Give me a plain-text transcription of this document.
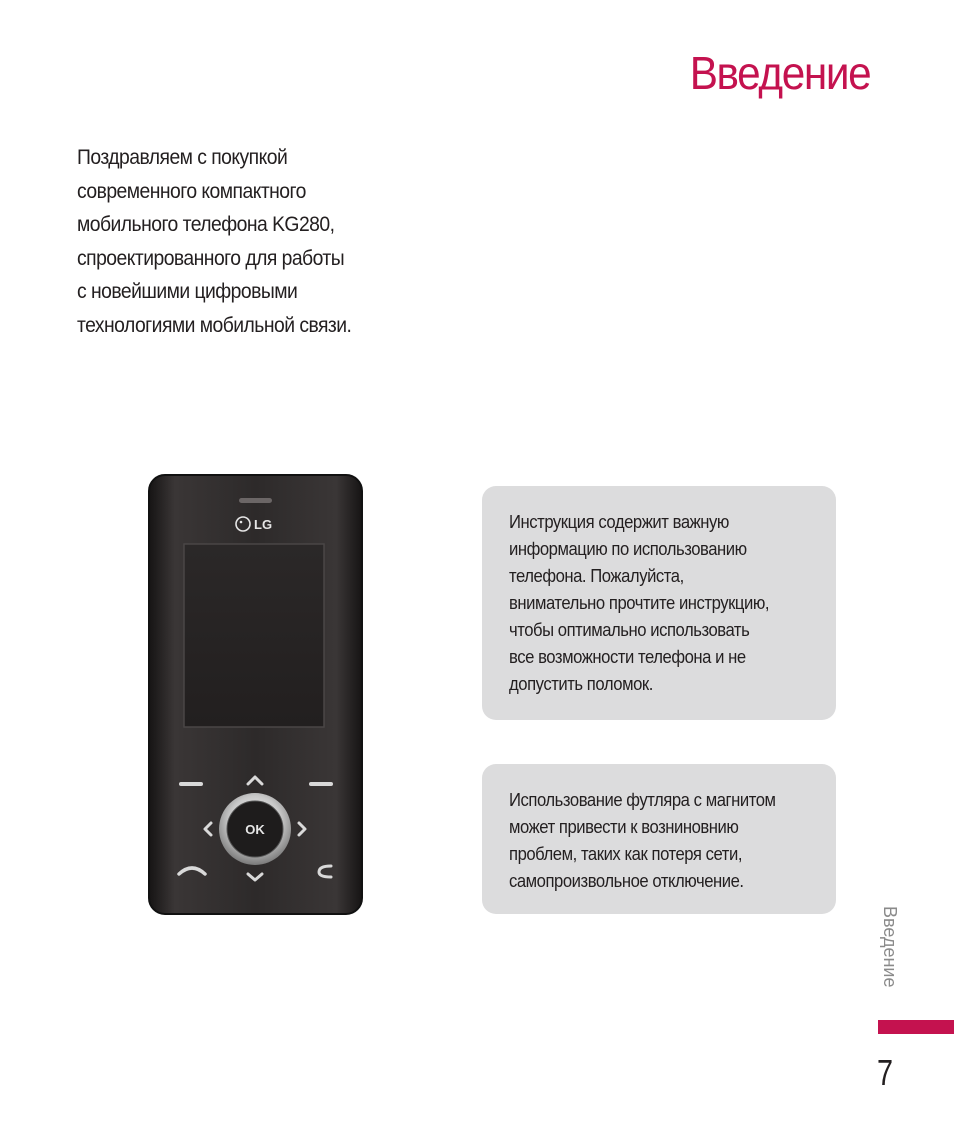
Введение
Поздравляем с покупкой
современного компактного
мобильного телефона KG280,
спроектированного для работы
с новейшими цифровыми
технологиями мобильной связи.
LG
OK
Инструкция содержит важную
информацию по использованию
телефона. Пожалуйста,
внимательно прочтите инструкцию,
чтобы оптимально использовать
все возможности телефона и не
допустить поломок.
Использование футляра с магнитом
может привести к возниновнию
проблем, таких как потеря сети,
самопроизвольное отключение.
Введение
7
